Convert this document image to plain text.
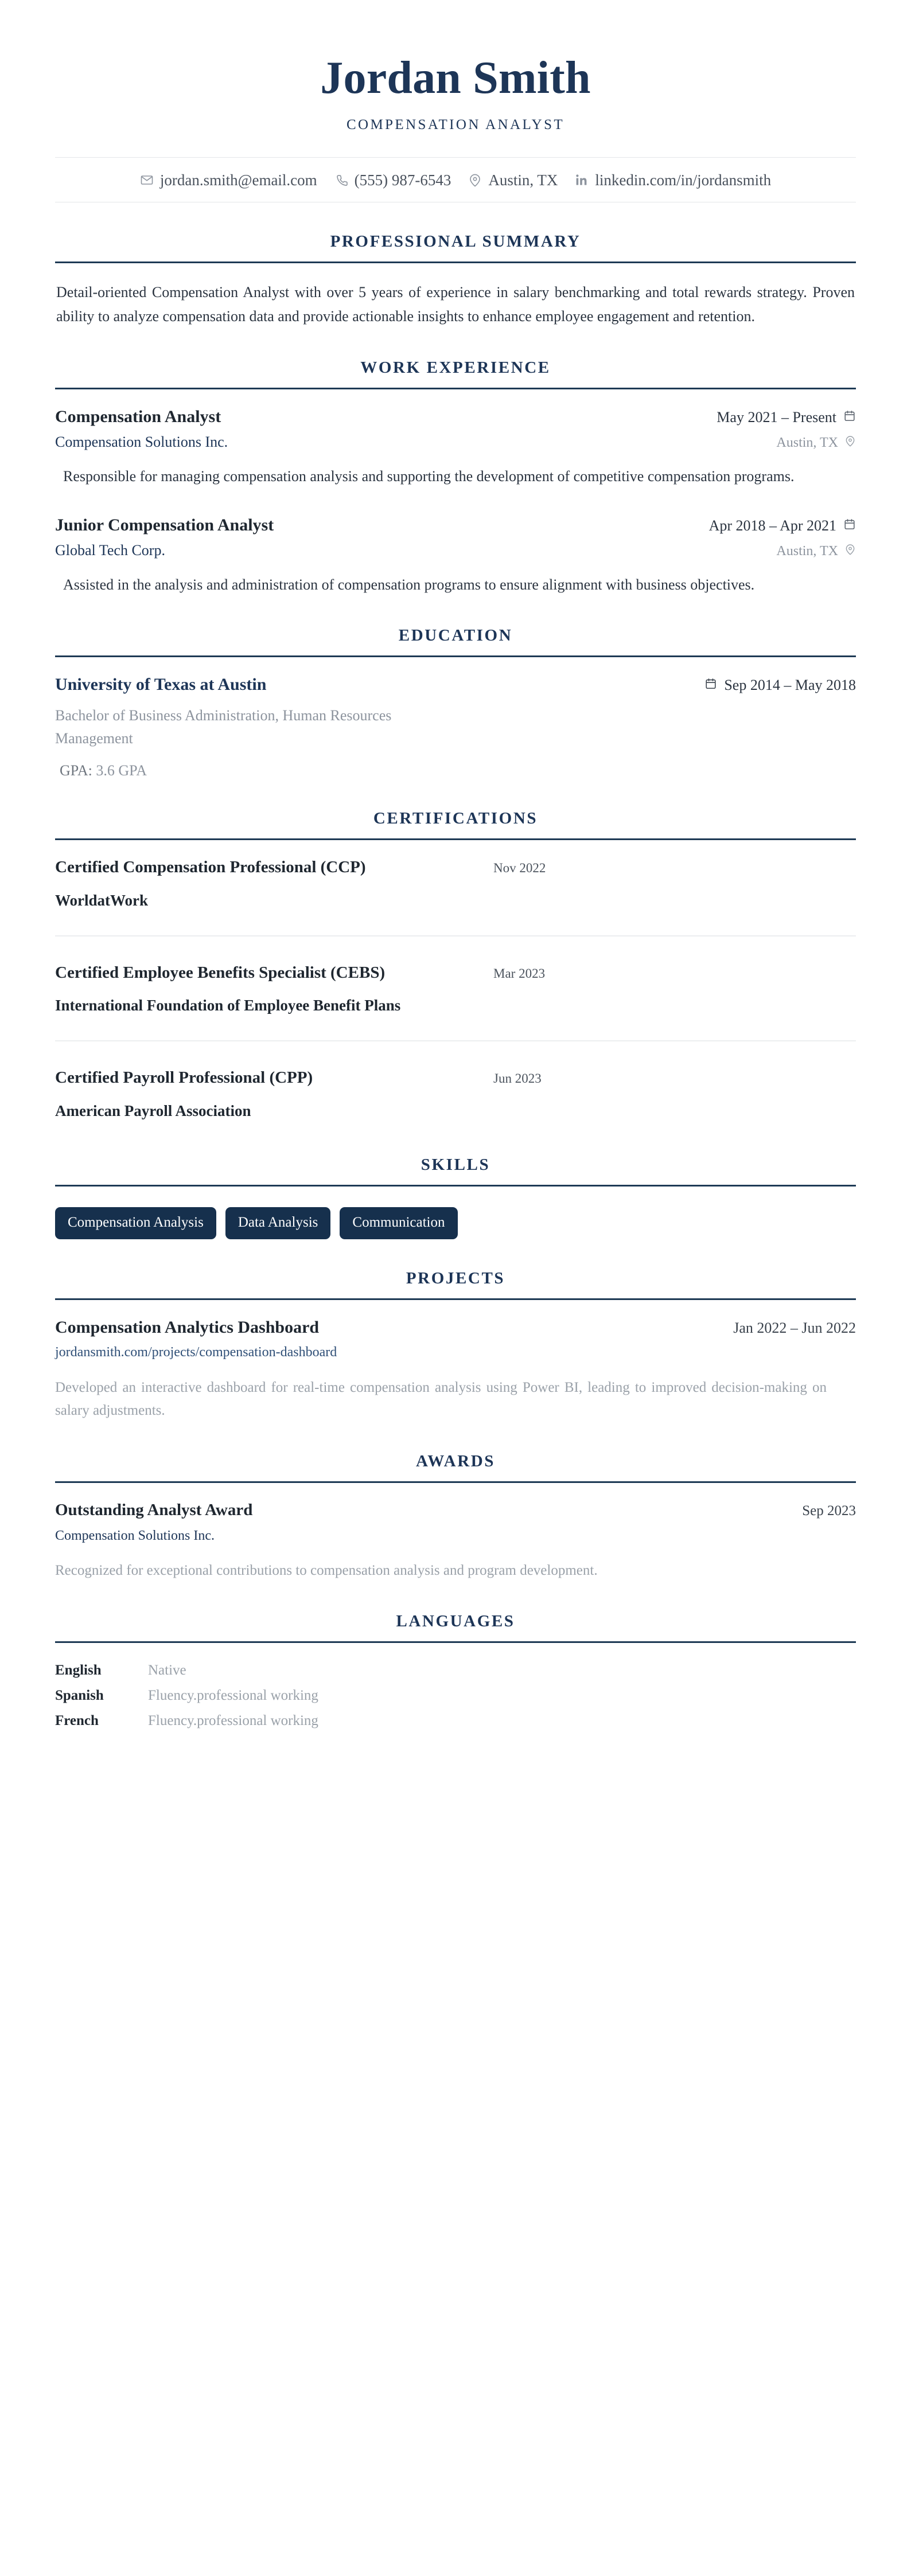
Jordan Smith
COMPENSATION ANALYST
jordan.smith@email.com (555) 987-6543 Austin, TX linkedin.com/in/jordansmith
PROFESSIONAL SUMMARY
Detail-oriented Compensation Analyst with over 5 years of experience in salary benchmarking and total rewards strategy. Proven ability to analyze compensation data and provide actionable insights to enhance employee engagement and retention.
WORK EXPERIENCE
Compensation Analyst	May 2021 – Present
Compensation Solutions Inc.	Austin, TX
Responsible for managing compensation analysis and supporting the development of competitive compensation programs.
Junior Compensation Analyst	Apr 2018 – Apr 2021
Global Tech Corp.	Austin, TX
Assisted in the analysis and administration of compensation programs to ensure alignment with business objectives.
EDUCATION
University of Texas at Austin	Sep 2014 – May 2018
Bachelor of Business Administration, Human Resources Management
GPA: 3.6 GPA
CERTIFICATIONS
Certified Compensation Professional (CCP)	Nov 2022
WorldatWork
Certified Employee Benefits Specialist (CEBS)	Mar 2023
International Foundation of Employee Benefit Plans
Certified Payroll Professional (CPP)	Jun 2023
American Payroll Association
SKILLS
Compensation Analysis	Data Analysis	Communication
PROJECTS
Compensation Analytics Dashboard	Jan 2022 – Jun 2022
jordansmith.com/projects/compensation-dashboard
Developed an interactive dashboard for real-time compensation analysis using Power BI, leading to improved decision-making on salary adjustments.
AWARDS
Outstanding Analyst Award	Sep 2023
Compensation Solutions Inc.
Recognized for exceptional contributions to compensation analysis and program development.
LANGUAGES
English	Native
Spanish	Fluency.professional working
French	Fluency.professional working
